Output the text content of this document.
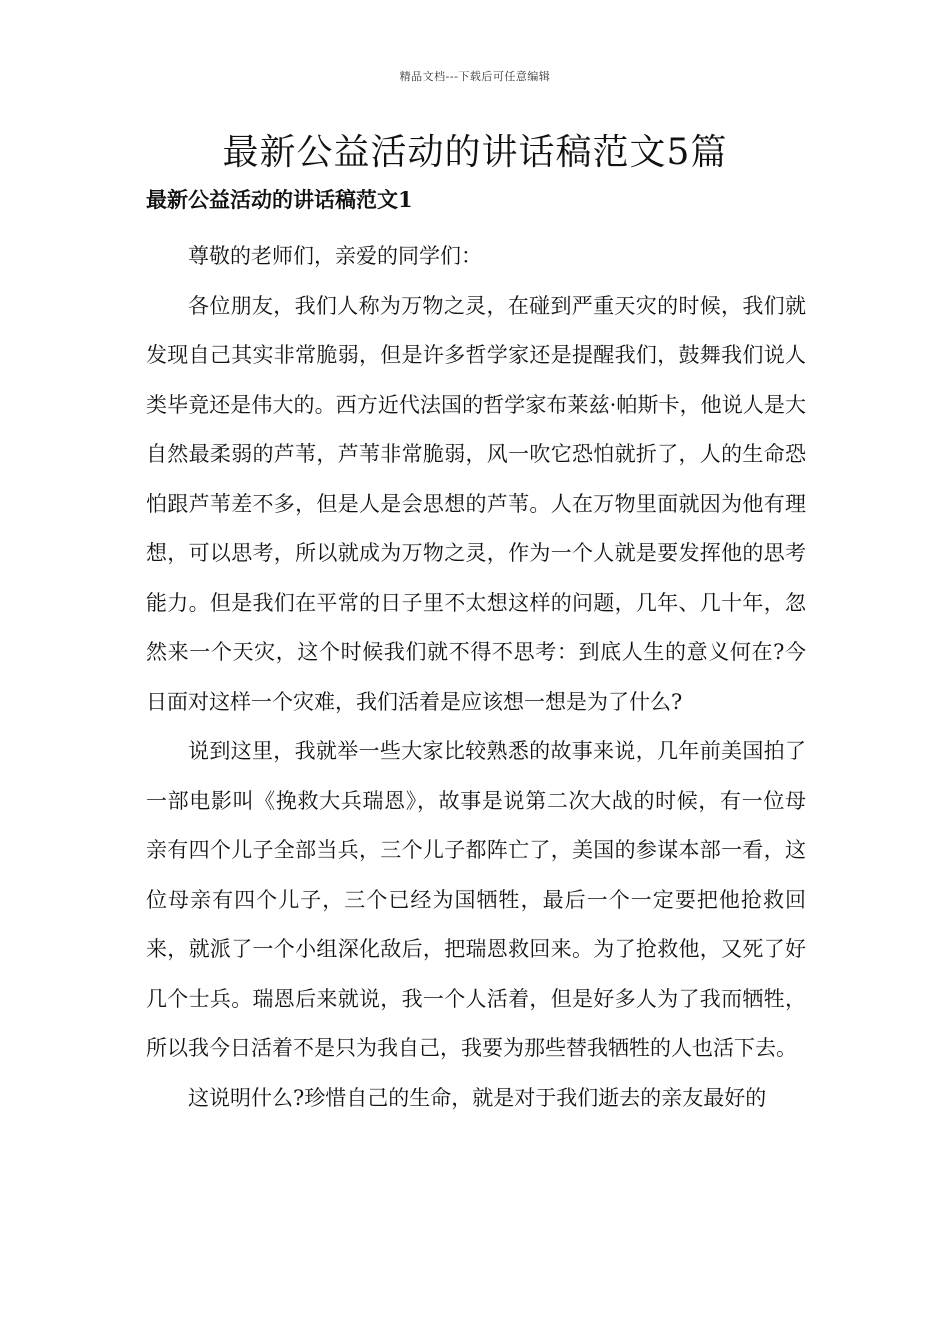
精品文档---下载后可任意编辑
最新公益活动的讲话稿范文5篇
最新公益活动的讲话稿范文1

尊敬的老师们，亲爱的同学们：

各位朋友，我们人称为万物之灵，在碰到严重天灾的时候，我们就发现自己其实非常脆弱，但是许多哲学家还是提醒我们，鼓舞我们说人类毕竟还是伟大的。西方近代法国的哲学家布莱兹·帕斯卡，他说人是大自然最柔弱的芦苇，芦苇非常脆弱，风一吹它恐怕就折了，人的生命恐怕跟芦苇差不多，但是人是会思想的芦苇。人在万物里面就因为他有理想，可以思考，所以就成为万物之灵，作为一个人就是要发挥他的思考能力。但是我们在平常的日子里不太想这样的问题，几年、几十年，忽然来一个天灾，这个时候我们就不得不思考：到底人生的意义何在?今日面对这样一个灾难，我们活着是应该想一想是为了什么?

说到这里，我就举一些大家比较熟悉的故事来说，几年前美国拍了一部电影叫《挽救大兵瑞恩》，故事是说第二次大战的时候，有一位母亲有四个儿子全部当兵，三个儿子都阵亡了，美国的参谋本部一看，这位母亲有四个儿子，三个已经为国牺牲，最后一个一定要把他抢救回来，就派了一个小组深化敌后，把瑞恩救回来。为了抢救他，又死了好几个士兵。瑞恩后来就说，我一个人活着，但是好多人为了我而牺牲，所以我今日活着不是只为我自己，我要为那些替我牺牲的人也活下去。

这说明什么?珍惜自己的生命，就是对于我们逝去的亲友最好的
